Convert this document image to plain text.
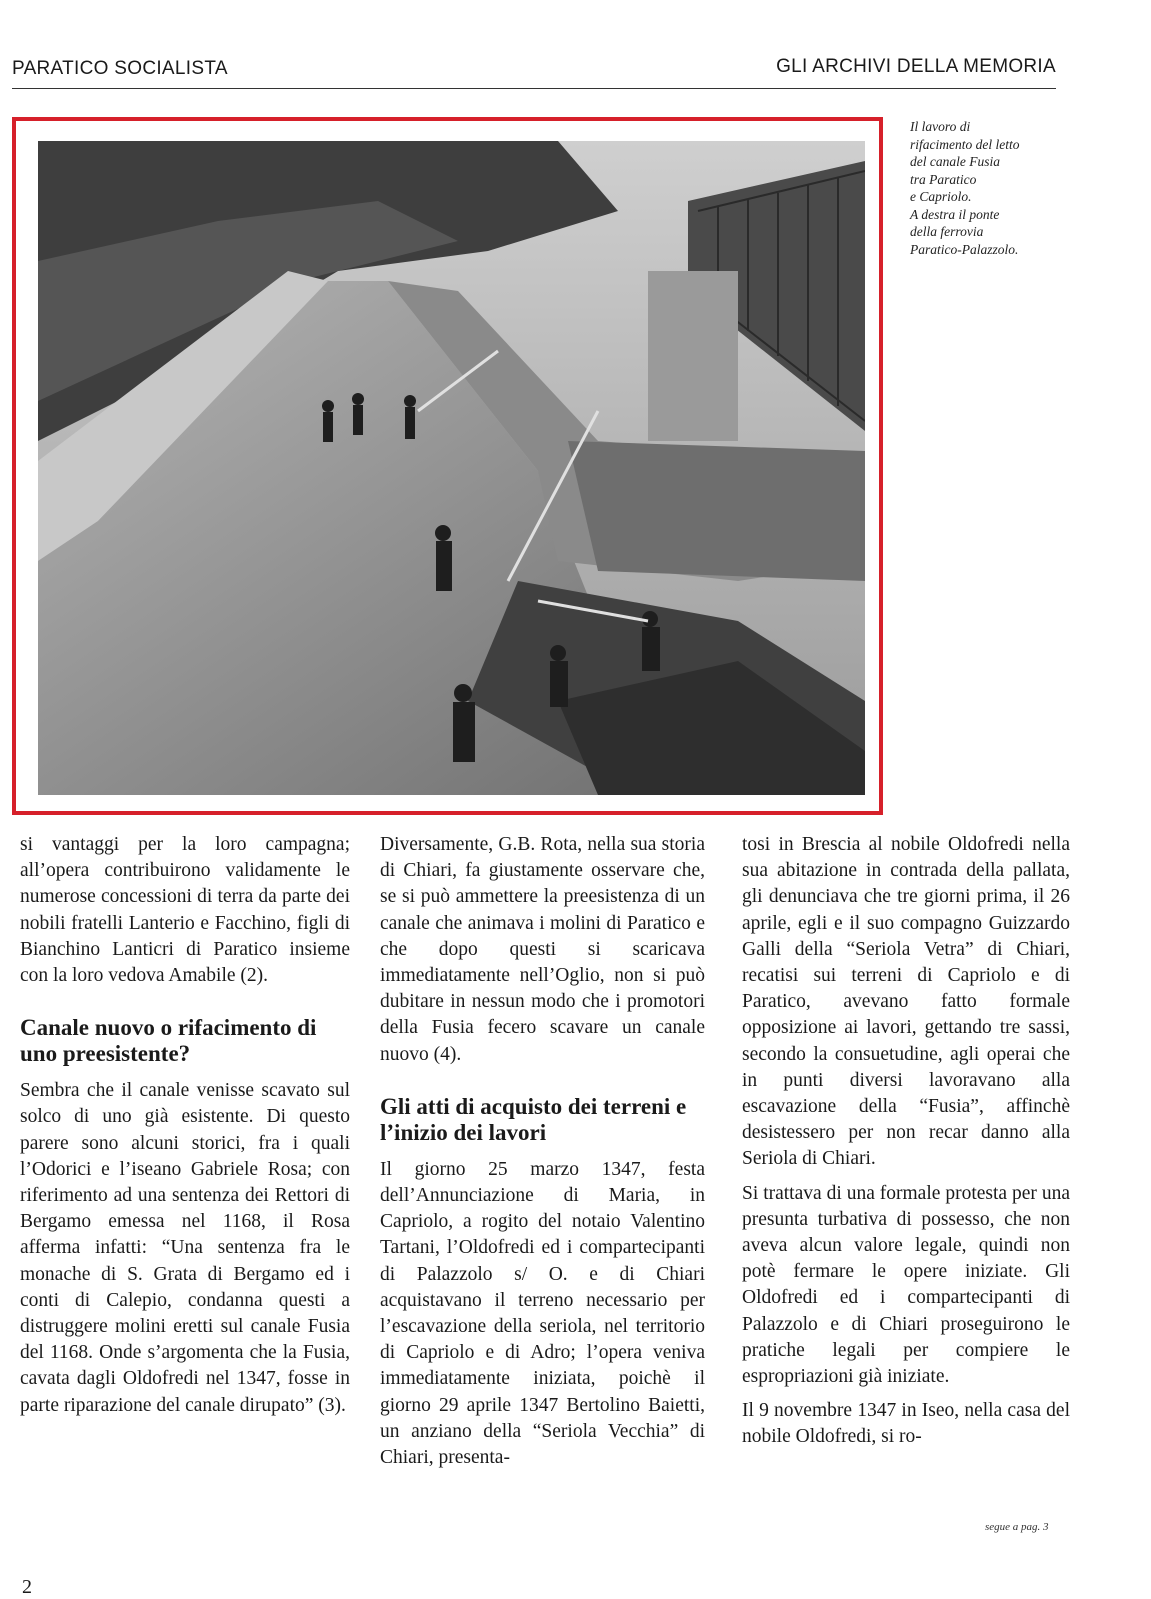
PARATICO SOCIALISTA	GLI ARCHIVI DELLA MEMORIA
Il lavoro di
rifacimento del letto
del canale Fusia
tra Paratico
e Capriolo.
A destra il ponte
della ferrovia
Paratico-Palazzolo.

si vantaggi per la loro campagna; all’opera contribuirono validamente le numerose concessioni di terra da parte dei nobili fratelli Lanterio e Facchino, figli di Bianchino Lanticri di Paratico insieme con la loro vedova Amabile (2).

Canale nuovo o rifacimento di uno preesistente?

Sembra che il canale venisse scavato sul solco di uno già esistente. Di questo parere sono alcuni storici, fra i quali l’Odorici e l’iseano Gabriele Rosa; con riferimento ad una sentenza dei Rettori di Bergamo emessa nel 1168, il Rosa afferma infatti: “Una sentenza fra le monache di S. Grata di Bergamo ed i conti di Calepio, condanna questi a distruggere molini eretti sul canale Fusia del 1168. Onde s’argomenta che la Fusia, cavata dagli Oldofredi nel 1347, fosse in parte riparazione del canale dirupato” (3).

Diversamente, G.B. Rota, nella sua storia di Chiari, fa giustamente osservare che, se si può ammettere la preesistenza di un canale che animava i molini di Paratico e che dopo questi si scaricava immediatamente nell’Oglio, non si può dubitare in nessun modo che i promotori della Fusia fecero scavare un canale nuovo (4).

Gli atti di acquisto dei terreni e l’inizio dei lavori

Il giorno 25 marzo 1347, festa dell’Annunciazione di Maria, in Capriolo, a rogito del notaio Valentino Tartani, l’Oldofredi ed i compartecipanti di Palazzolo s/ O. e di Chiari acquistavano il terreno necessario per l’escavazione della seriola, nel territorio di Capriolo e di Adro; l’opera veniva immediatamente iniziata, poichè il giorno 29 aprile 1347 Bertolino Baietti, un anziano della “Seriola Vecchia” di Chiari, presenta-

tosi in Brescia al nobile Oldofredi nella sua abitazione in contrada della pallata, gli denunciava che tre giorni prima, il 26 aprile, egli e il suo compagno Guizzardo Galli della “Seriola Vetra” di Chiari, recatisi sui terreni di Capriolo e di Paratico, avevano fatto formale opposizione ai lavori, gettando tre sassi, secondo la consuetudine, agli operai che in punti diversi lavoravano alla escavazione della “Fusia”, affinchè desistessero per non recar danno alla Seriola di Chiari.

Si trattava di una formale protesta per una presunta turbativa di possesso, che non aveva alcun valore legale, quindi non potè fermare le opere iniziate. Gli Oldofredi ed i compartecipanti di Palazzolo e di Chiari proseguirono le pratiche legali per compiere le espropriazioni già iniziate.

Il 9 novembre 1347 in Iseo, nella casa del nobile Oldofredi, si ro-

segue a pag. 3
2
